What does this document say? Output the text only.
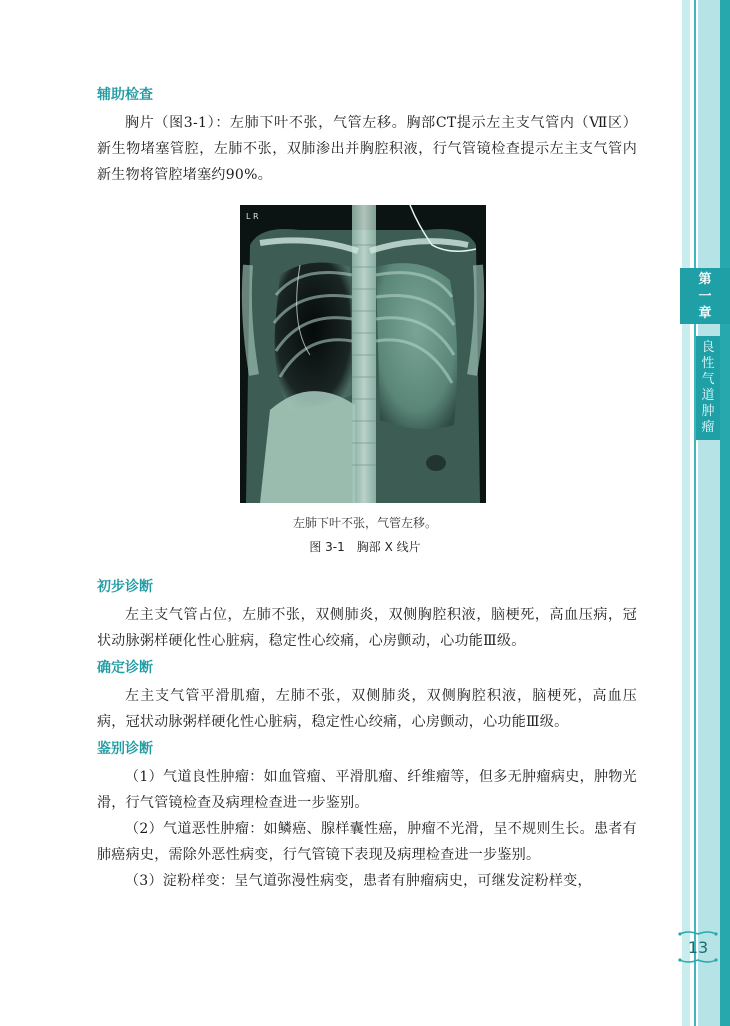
第
一
章
良
性
气
道
肿
瘤
13
辅助检查

胸片（图3-1）：左肺下叶不张，气管左移。胸部CT提示左主支气管内（Ⅶ区）新生物堵塞管腔，左肺不张，双肺渗出并胸腔积液，行气管镜检查提示左主支气管内新生物将管腔堵塞约90%。

L R
左肺下叶不张，气管左移。
图 3-1　胸部 X 线片
初步诊断

左主支气管占位，左肺不张，双侧肺炎，双侧胸腔积液，脑梗死，高血压病，冠状动脉粥样硬化性心脏病，稳定性心绞痛，心房颤动，心功能Ⅲ级。

确定诊断

左主支气管平滑肌瘤，左肺不张，双侧肺炎，双侧胸腔积液，脑梗死，高血压病，冠状动脉粥样硬化性心脏病，稳定性心绞痛，心房颤动，心功能Ⅲ级。

鉴别诊断

（1）气道良性肿瘤：如血管瘤、平滑肌瘤、纤维瘤等，但多无肿瘤病史，肿物光滑，行气管镜检查及病理检查进一步鉴别。

（2）气道恶性肿瘤：如鳞癌、腺样囊性癌，肿瘤不光滑，呈不规则生长。患者有肺癌病史，需除外恶性病变，行气管镜下表现及病理检查进一步鉴别。

（3）淀粉样变：呈气道弥漫性病变，患者有肿瘤病史，可继发淀粉样变，
